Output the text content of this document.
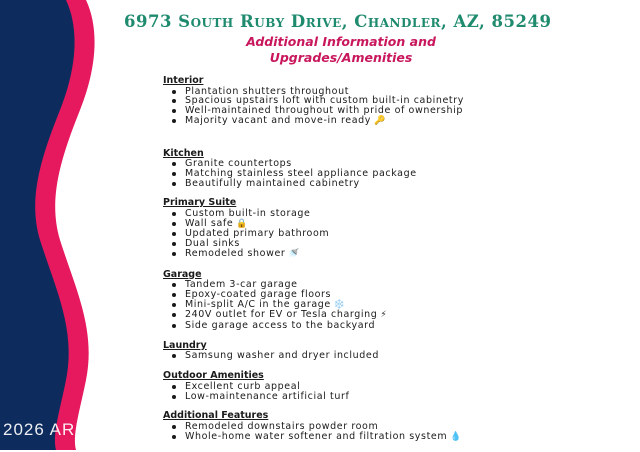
2026 ARMLS
6973 South Ruby Drive, Chandler, AZ, 85249
Additional Information and
Upgrades/Amenities
Interior
Plantation shutters throughout
Spacious upstairs loft with custom built-in cabinetry
Well-maintained throughout with pride of ownership
Majority vacant and move-in ready 🔑
Kitchen
Granite countertops
Matching stainless steel appliance package
Beautifully maintained cabinetry
Primary Suite
Custom built-in storage
Wall safe 🔒
Updated primary bathroom
Dual sinks
Remodeled shower 🚿
Garage
Tandem 3-car garage
Epoxy-coated garage floors
Mini-split A/C in the garage ❄️
240V outlet for EV or Tesla charging ⚡
Side garage access to the backyard
Laundry
Samsung washer and dryer included
Outdoor Amenities
Excellent curb appeal
Low-maintenance artificial turf
Additional Features
Remodeled downstairs powder room
Whole-home water softener and filtration system 💧
